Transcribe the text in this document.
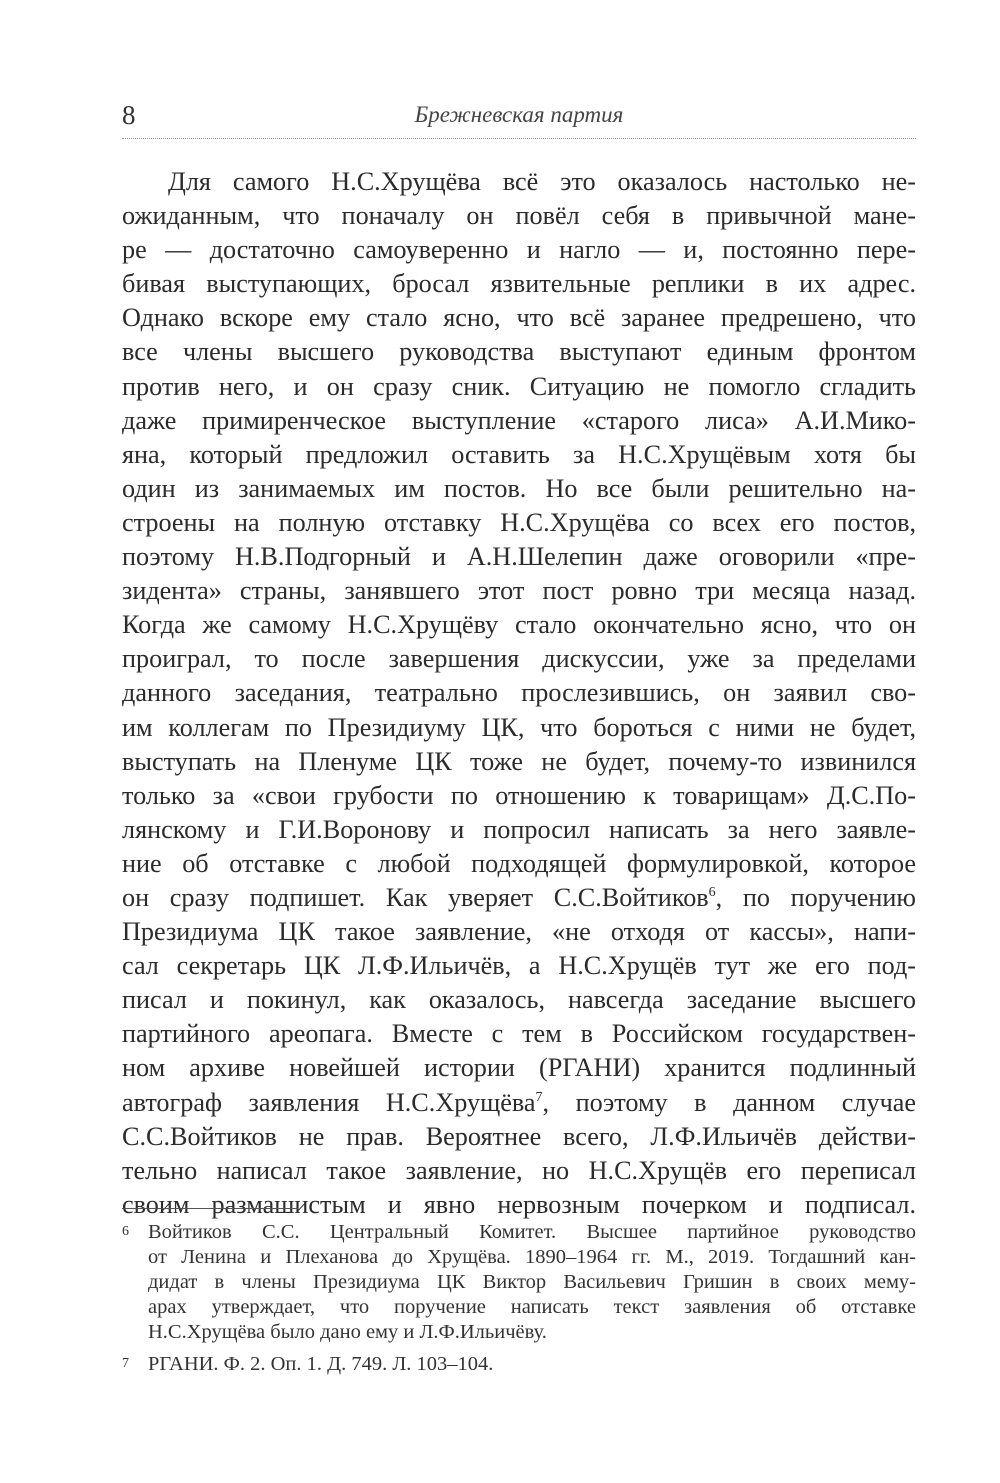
8	Брежневская партия
Для самого Н.С.Хрущёва всё это оказалось настолько не-
ожиданным, что поначалу он повёл себя в привычной мане-
ре — достаточно самоуверенно и нагло — и, постоянно пере-
бивая выступающих, бросал язвительные реплики в их адрес.
Однако вскоре ему стало ясно, что всё заранее предрешено, что
все члены высшего руководства выступают единым фронтом
против него, и он сразу сник. Ситуацию не помогло сгладить
даже примиренческое выступление «старого лиса» А.И.Мико-
яна, который предложил оставить за Н.С.Хрущёвым хотя бы
один из занимаемых им постов. Но все были решительно на-
строены на полную отставку Н.С.Хрущёва со всех его постов,
поэтому Н.В.Подгорный и А.Н.Шелепин даже оговорили «пре-
зидента» страны, занявшего этот пост ровно три месяца назад.
Когда же самому Н.С.Хрущёву стало окончательно ясно, что он
проиграл, то после завершения дискуссии, уже за пределами
данного заседания, театрально прослезившись, он заявил сво-
им коллегам по Президиуму ЦК, что бороться с ними не будет,
выступать на Пленуме ЦК тоже не будет, почему-то извинился
только за «свои грубости по отношению к товарищам» Д.С.По-
лянскому и Г.И.Воронову и попросил написать за него заявле-
ние об отставке с любой подходящей формулировкой, которое
он сразу подпишет. Как уверяет С.С.Войтиков$^6$, по поручению
Президиума ЦК такое заявление, «не отходя от кассы», напи-
сал секретарь ЦК Л.Ф.Ильичёв, а Н.С.Хрущёв тут же его под-
писал и покинул, как оказалось, навсегда заседание высшего
партийного ареопага. Вместе с тем в Российском государствен-
ном архиве новейшей истории (РГАНИ) хранится подлинный
автограф заявления Н.С.Хрущёва$^7$, поэтому в данном случае
С.С.Войтиков не прав. Вероятнее всего, Л.Ф.Ильичёв действи-
тельно написал такое заявление, но Н.С.Хрущёв его переписал
своим размашистым и явно нервозным почерком и подписал.
6 Войтиков С.С. Центральный Комитет. Высшее партийное руководство
от Ленина и Плеханова до Хрущёва. 1890–1964 гг. М., 2019. Тогдашний кан-
дидат в члены Президиума ЦК Виктор Васильевич Гришин в своих мему-
арах утверждает, что поручение написать текст заявления об отставке
Н.С.Хрущёва было дано ему и Л.Ф.Ильичёву.
7 РГАНИ. Ф. 2. Оп. 1. Д. 749. Л. 103–104.
